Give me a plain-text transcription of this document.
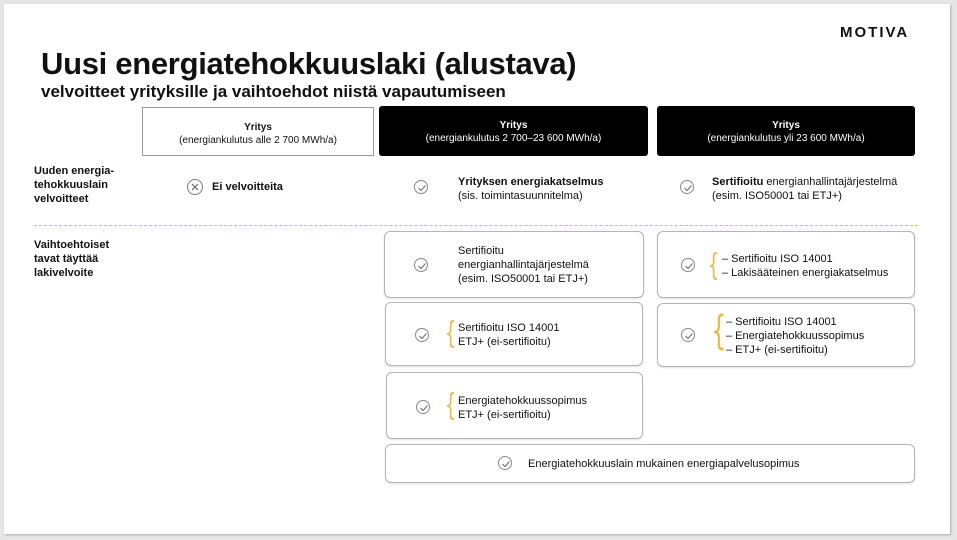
MOTIVA
Uusi energiatehokkuuslaki (alustava)
velvoitteet yrityksille ja vaihtoehdot niistä vapautumiseen
Yritys
(energiankulutus alle 2 700 MWh/a)
Yritys
(energiankulutus 2 700–23 600 MWh/a)
Yritys
(energiankulutus yli 23 600 MWh/a)
Uuden energia-
tehokkuuslain
velvoitteet
Vaihtoehtoiset
tavat täyttää
lakivelvoite
Ei velvoitteita	Yrityksen energiakatselmus
(sis. toimintasuunnitelma)
Sertifioitu energianhallintajärjestelmä
(esim. ISO50001 tai ETJ+)
Sertifioitu
energianhallintajärjestelmä
(esim. ISO50001 tai ETJ+)
{ Sertifioitu ISO 14001
ETJ+ (ei-sertifioitu)
{ Energiatehokkuussopimus
ETJ+ (ei-sertifioitu)
{ – Sertifioitu ISO 14001
– Lakisääteinen energiakatselmus
{ – Sertifioitu ISO 14001
– Energiatehokkuussopimus
– ETJ+ (ei-sertifioitu)
Energiatehokkuuslain mukainen energiapalvelusopimus
